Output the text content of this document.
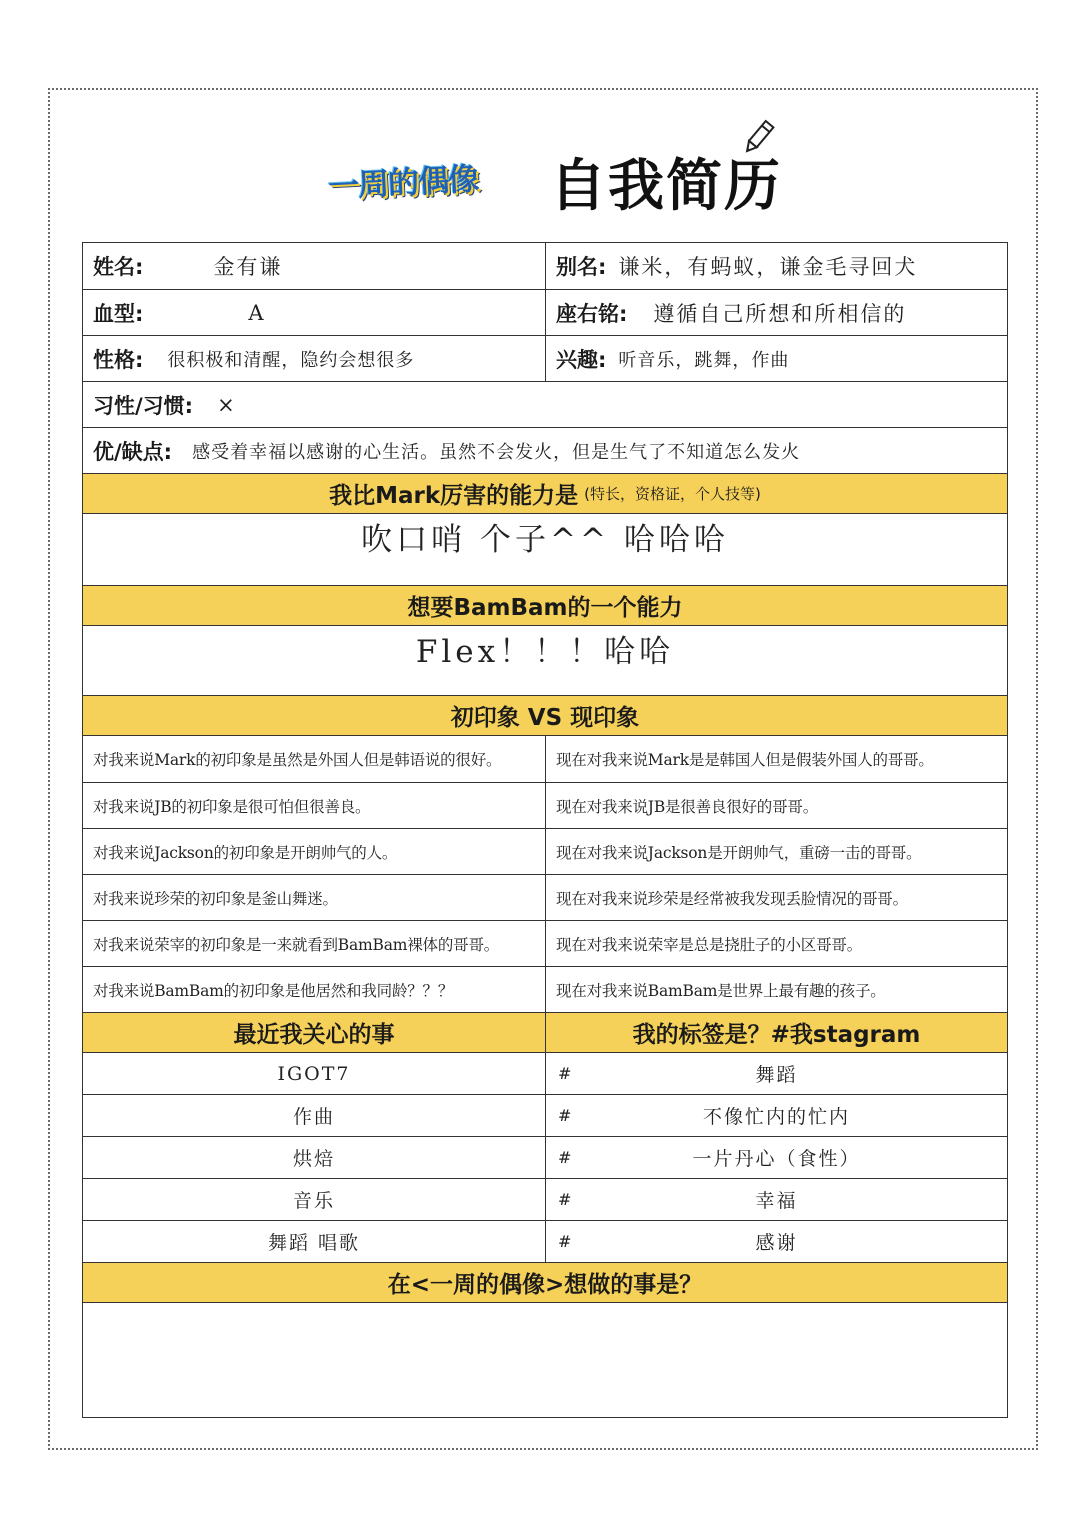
一周的偶像	自我简历
姓名:	金有谦	别名: 谦米，有蚂蚁，谦金毛寻回犬
血型:	A	座右铭: 遵循自己所想和所相信的
性格: 很积极和清醒，隐约会想很多	兴趣: 听音乐，跳舞，作曲
习性/习惯: ×
优/缺点: 感受着幸福以感谢的心生活。虽然不会发火，但是生气了不知道怎么发火
我比Mark厉害的能力是 (特长，资格证，个人技等)
吹口哨 个子^^ 哈哈哈
想要BamBam的一个能力
Flex！！！哈哈
初印象 VS 现印象
对我来说Mark的初印象是虽然是外国人但是韩语说的很好。	现在对我来说Mark是是韩国人但是假装外国人的哥哥。
对我来说JB的初印象是很可怕但很善良。	现在对我来说JB是很善良很好的哥哥。
对我来说Jackson的初印象是开朗帅气的人。	现在对我来说Jackson是开朗帅气，重磅一击的哥哥。
对我来说珍荣的初印象是釜山舞迷。	现在对我来说珍荣是经常被我发现丢脸情况的哥哥。
对我来说荣宰的初印象是一来就看到BamBam裸体的哥哥。	现在对我来说荣宰是总是挠肚子的小区哥哥。
对我来说BamBam的初印象是他居然和我同龄？？？	现在对我来说BamBam是世界上最有趣的孩子。
最近我关心的事	我的标签是？#我stagram
IGOT7	#	舞蹈
作曲	#	不像忙内的忙内
烘焙	#	一片丹心（食性）
音乐	#	幸福
舞蹈 唱歌	#	感谢
在<一周的偶像>想做的事是？
